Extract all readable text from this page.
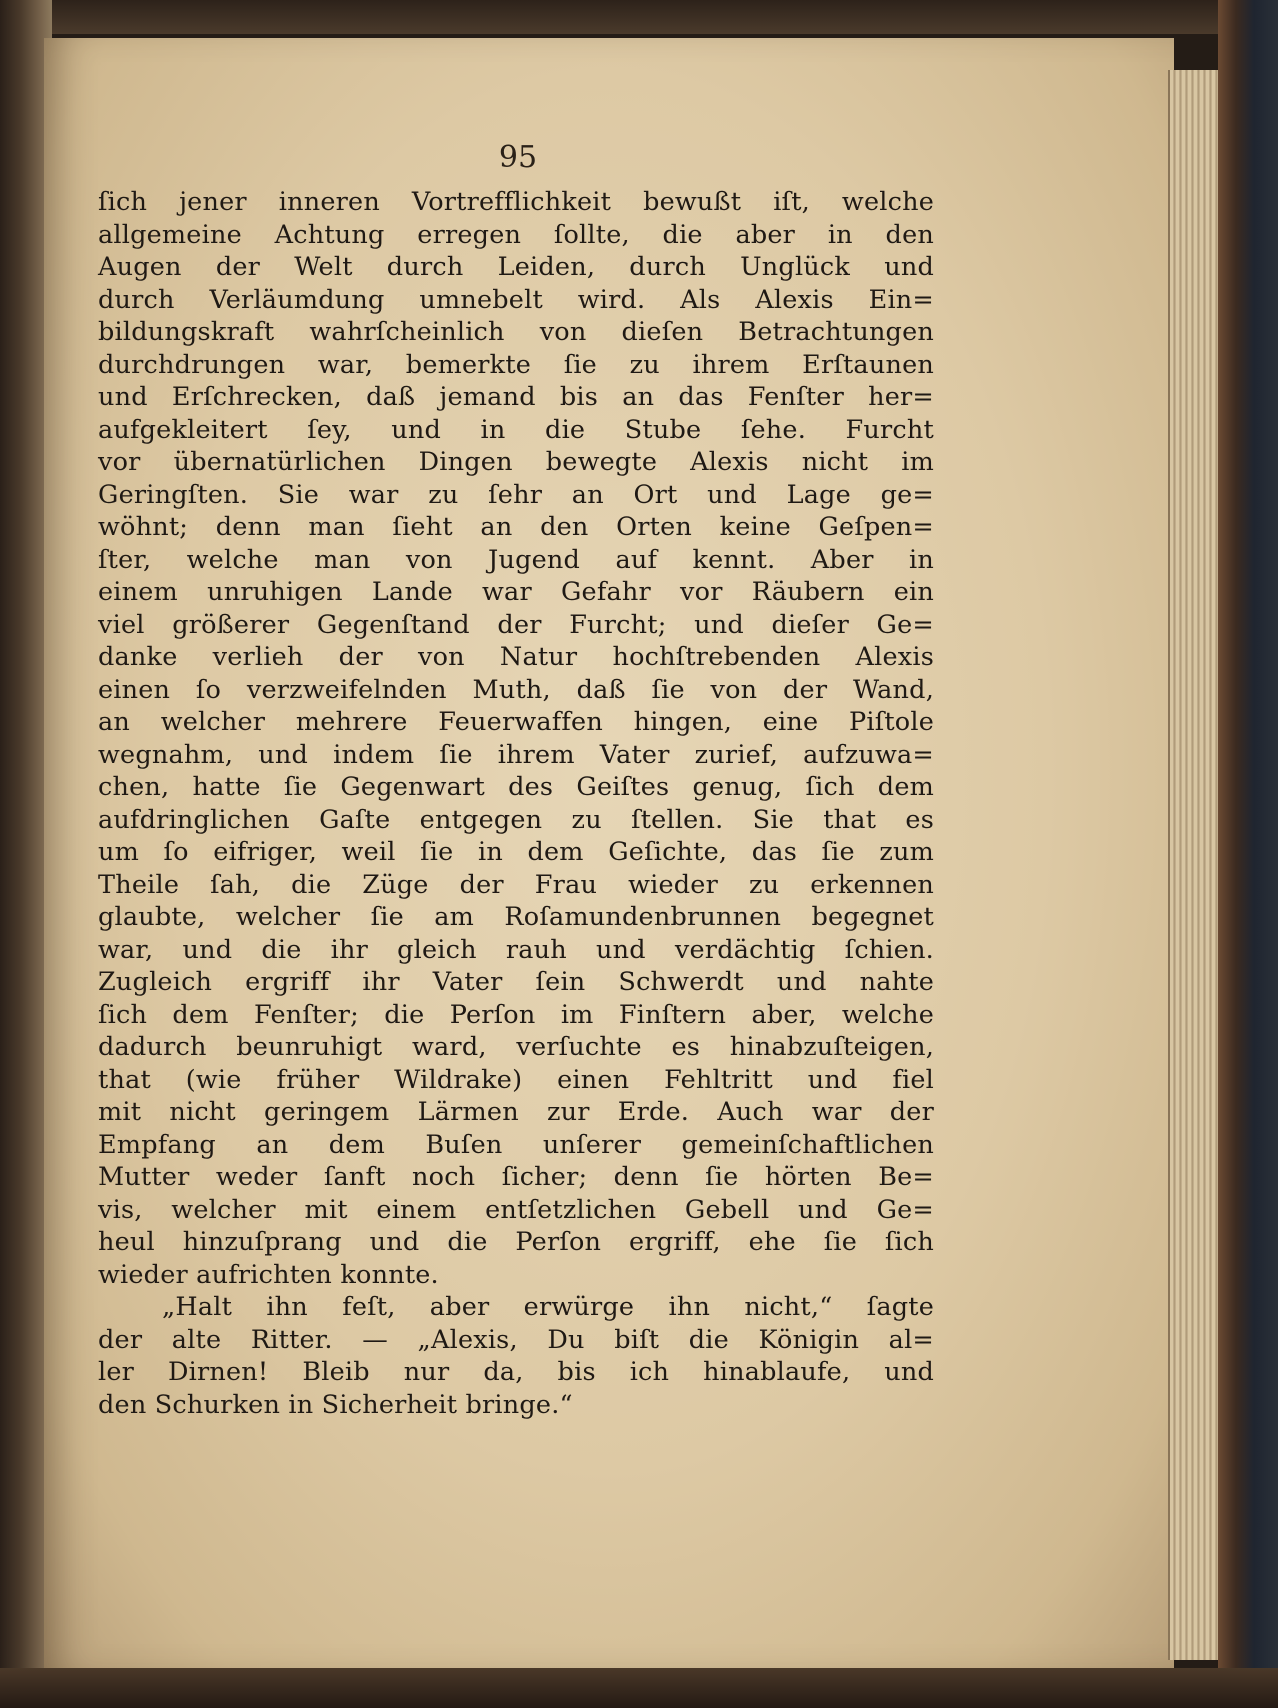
95
ſich jener inneren Vortrefflichkeit bewußt iſt, welche
allgemeine Achtung erregen ſollte, die aber in den
Augen der Welt durch Leiden, durch Unglück und
durch Verläumdung umnebelt wird. Als Alexis Ein=
bildungskraft wahrſcheinlich von dieſen Betrachtungen
durchdrungen war, bemerkte ſie zu ihrem Erſtaunen
und Erſchrecken, daß jemand bis an das Fenſter her=
aufgekleitert ſey, und in die Stube ſehe. Furcht
vor übernatürlichen Dingen bewegte Alexis nicht im
Geringſten. Sie war zu ſehr an Ort und Lage ge=
wöhnt; denn man ſieht an den Orten keine Geſpen=
ſter, welche man von Jugend auf kennt. Aber in
einem unruhigen Lande war Gefahr vor Räubern ein
viel größerer Gegenſtand der Furcht; und dieſer Ge=
danke verlieh der von Natur hochſtrebenden Alexis
einen ſo verzweifelnden Muth, daß ſie von der Wand,
an welcher mehrere Feuerwaffen hingen, eine Piſtole
wegnahm, und indem ſie ihrem Vater zurief, aufzuwa=
chen, hatte ſie Gegenwart des Geiſtes genug, ſich dem
aufdringlichen Gaſte entgegen zu ſtellen. Sie that es
um ſo eifriger, weil ſie in dem Geſichte, das ſie zum
Theile ſah, die Züge der Frau wieder zu erkennen
glaubte, welcher ſie am Roſamundenbrunnen begegnet
war, und die ihr gleich rauh und verdächtig ſchien.
Zugleich ergriff ihr Vater ſein Schwerdt und nahte
ſich dem Fenſter; die Perſon im Finſtern aber, welche
dadurch beunruhigt ward, verſuchte es hinabzuſteigen,
that (wie früher Wildrake) einen Fehltritt und fiel
mit nicht geringem Lärmen zur Erde. Auch war der
Empfang an dem Buſen unſerer gemeinſchaftlichen
Mutter weder ſanft noch ſicher; denn ſie hörten Be=
vis, welcher mit einem entſetzlichen Gebell und Ge=
heul hinzuſprang und die Perſon ergriff, ehe ſie ſich
wieder aufrichten konnte.
„Halt ihn feſt, aber erwürge ihn nicht,“ ſagte
der alte Ritter. — „Alexis, Du biſt die Königin al=
ler Dirnen! Bleib nur da, bis ich hinablaufe, und
den Schurken in Sicherheit bringe.“
